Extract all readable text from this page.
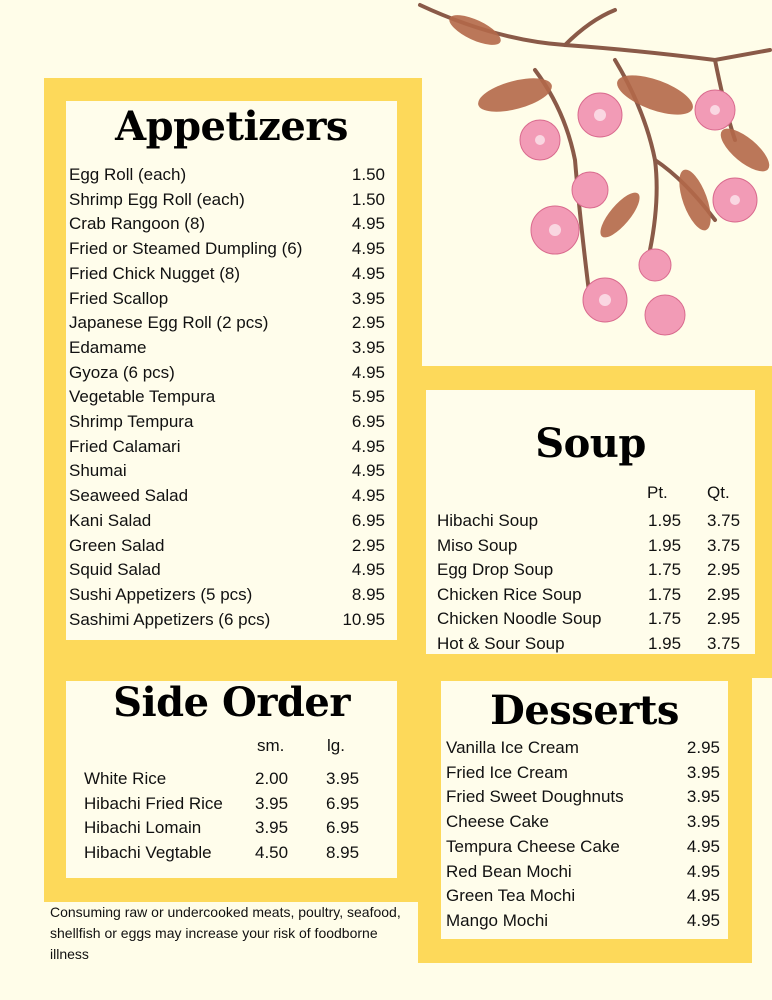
Appetizers
Egg Roll (each)	1.50
Shrimp Egg Roll (each)	1.50
Crab Rangoon (8)	4.95
Fried or Steamed Dumpling (6)	4.95
Fried Chick Nugget (8)	4.95
Fried Scallop	3.95
Japanese Egg Roll (2 pcs)	2.95
Edamame	3.95
Gyoza (6 pcs)	4.95
Vegetable Tempura	5.95
Shrimp Tempura	6.95
Fried Calamari	4.95
Shumai	4.95
Seaweed Salad	4.95
Kani Salad	6.95
Green Salad	2.95
Squid Salad	4.95
Sushi Appetizers (5 pcs)	8.95
Sashimi Appetizers (6 pcs)	10.95
Soup
Pt. Qt.
Hibachi Soup	1.95 3.75
Miso Soup	1.95 3.75
Egg Drop Soup	1.75 2.95
Chicken Rice Soup	1.75 2.95
Chicken Noodle Soup	1.75 2.95
Hot & Sour Soup	1.95 3.75
Side Order
sm.	lg.
White Rice	2.00 3.95
Hibachi Fried Rice 3.95 6.95
Hibachi Lomain	3.95 6.95
Hibachi Vegtable	4.50 8.95
Desserts
Vanilla Ice Cream	2.95
Fried Ice Cream	3.95
Fried Sweet Doughnuts	3.95
Cheese Cake	3.95
Tempura Cheese Cake	4.95
Red Bean Mochi	4.95
Green Tea Mochi	4.95
Mango Mochi	4.95
Consuming raw or undercooked meats, poultry, seafood, shellfish or eggs may increase your risk of foodborne illness
